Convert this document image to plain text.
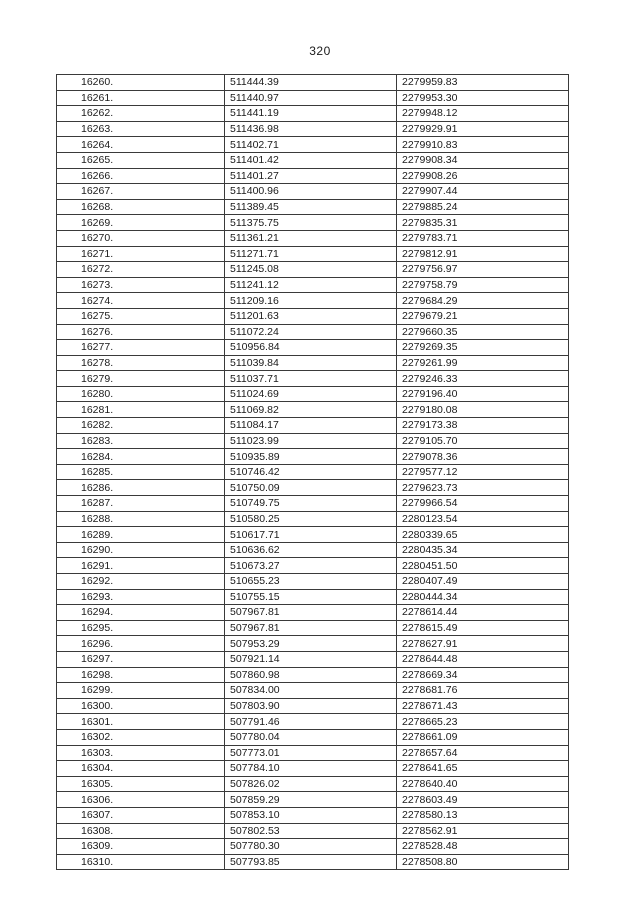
320
16260.	511444.39	2279959.83
16261.	511440.97	2279953.30
16262.	511441.19	2279948.12
16263.	511436.98	2279929.91
16264.	511402.71	2279910.83
16265.	511401.42	2279908.34
16266.	511401.27	2279908.26
16267.	511400.96	2279907.44
16268.	511389.45	2279885.24
16269.	511375.75	2279835.31
16270.	511361.21	2279783.71
16271.	511271.71	2279812.91
16272.	511245.08	2279756.97
16273.	511241.12	2279758.79
16274.	511209.16	2279684.29
16275.	511201.63	2279679.21
16276.	511072.24	2279660.35
16277.	510956.84	2279269.35
16278.	511039.84	2279261.99
16279.	511037.71	2279246.33
16280.	511024.69	2279196.40
16281.	511069.82	2279180.08
16282.	511084.17	2279173.38
16283.	511023.99	2279105.70
16284.	510935.89	2279078.36
16285.	510746.42	2279577.12
16286.	510750.09	2279623.73
16287.	510749.75	2279966.54
16288.	510580.25	2280123.54
16289.	510617.71	2280339.65
16290.	510636.62	2280435.34
16291.	510673.27	2280451.50
16292.	510655.23	2280407.49
16293.	510755.15	2280444.34
16294.	507967.81	2278614.44
16295.	507967.81	2278615.49
16296.	507953.29	2278627.91
16297.	507921.14	2278644.48
16298.	507860.98	2278669.34
16299.	507834.00	2278681.76
16300.	507803.90	2278671.43
16301.	507791.46	2278665.23
16302.	507780.04	2278661.09
16303.	507773.01	2278657.64
16304.	507784.10	2278641.65
16305.	507826.02	2278640.40
16306.	507859.29	2278603.49
16307.	507853.10	2278580.13
16308.	507802.53	2278562.91
16309.	507780.30	2278528.48
16310.	507793.85	2278508.80
